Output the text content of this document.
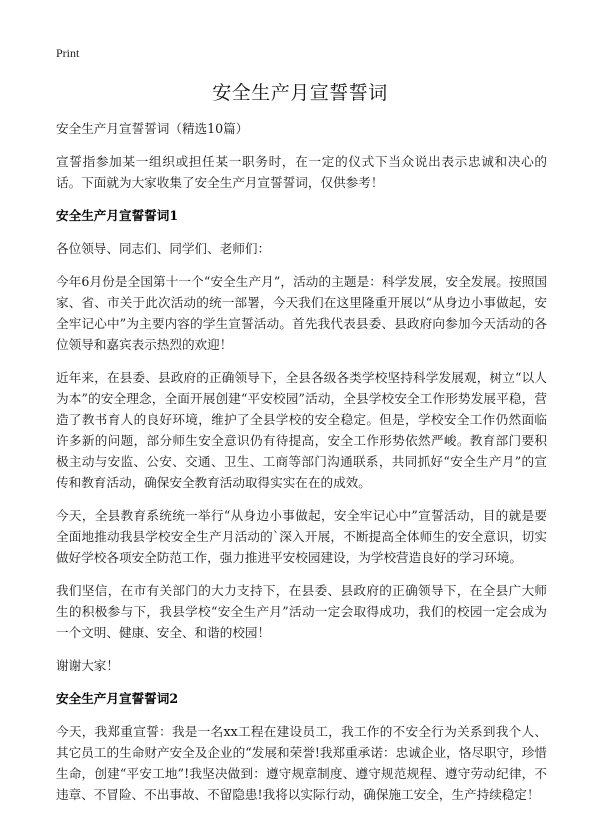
Print
安全生产月宣誓誓词

安全生产月宣誓誓词（精选10篇）

宣誓指参加某一组织或担任某一职务时，在一定的仪式下当众说出表示忠诚和决心的话。下面就为大家收集了安全生产月宣誓誓词，仅供参考！

安全生产月宣誓誓词1

各位领导、同志们、同学们、老师们：

今年6月份是全国第十一个“安全生产月”，活动的主题是：科学发展，安全发展。按照国家、省、市关于此次活动的统一部署，今天我们在这里隆重开展以“从身边小事做起，安全牢记心中”为主要内容的学生宣誓活动。首先我代表县委、县政府向参加今天活动的各位领导和嘉宾表示热烈的欢迎！

近年来，在县委、县政府的正确领导下，全县各级各类学校坚持科学发展观，树立“以人为本”的安全理念，全面开展创建“平安校园”活动，全县学校安全工作形势发展平稳，营造了教书育人的良好环境，维护了全县学校的安全稳定。但是，学校安全工作仍然面临许多新的问题，部分师生安全意识仍有待提高，安全工作形势依然严峻。教育部门要积极主动与安监、公安、交通、卫生、工商等部门沟通联系，共同抓好“安全生产月”的宣传和教育活动，确保安全教育活动取得实实在在的成效。

今天，全县教育系统统一举行“从身边小事做起，安全牢记心中”宣誓活动，目的就是要全面地推动我县学校安全生产月活动的`深入开展，不断提高全体师生的安全意识，切实做好学校各项安全防范工作，强力推进平安校园建设，为学校营造良好的学习环境。

我们坚信，在市有关部门的大力支持下，在县委、县政府的正确领导下，在全县广大师生的积极参与下，我县学校“安全生产月”活动一定会取得成功，我们的校园一定会成为一个文明、健康、安全、和谐的校园！

谢谢大家！

安全生产月宣誓誓词2

今天，我郑重宣誓：我是一名xx工程在建设员工，我工作的不安全行为关系到我个人、其它员工的生命财产安全及企业的“发展和荣誉!我郑重承诺：忠诚企业，恪尽职守，珍惜生命，创建“平安工地”!我坚决做到：遵守规章制度、遵守规范规程、遵守劳动纪律，不违章、不冒险、不出事故、不留隐患!我将以实际行动，确保施工安全，生产持续稳定！
